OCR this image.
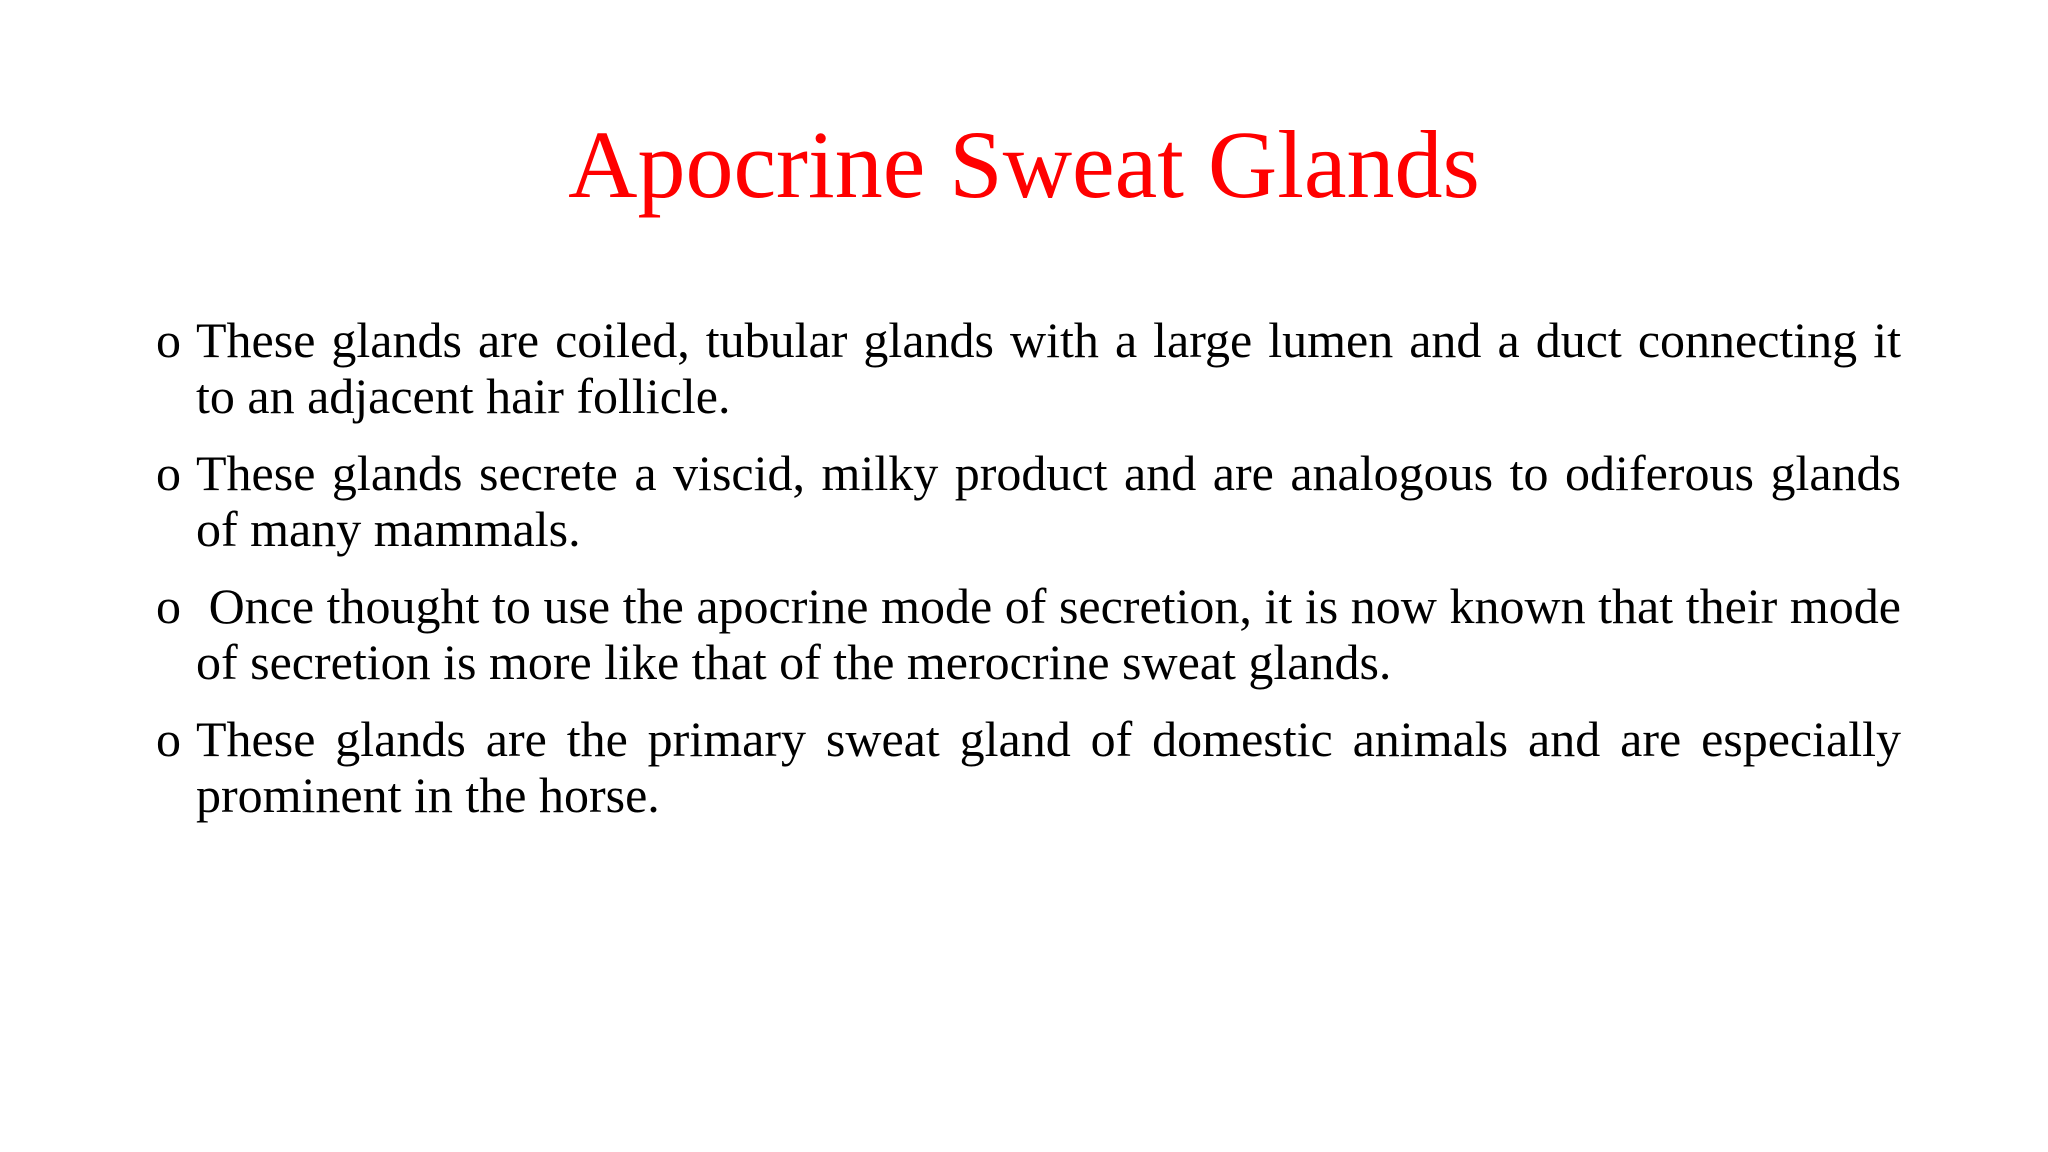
Apocrine Sweat Glands
o These glands are coiled, tubular glands with a large lumen and a duct connecting it to an adjacent hair follicle.
o These glands secrete a viscid, milky product and are analogous to odiferous glands of many mammals.
o Once thought to use the apocrine mode of secretion, it is now known that their mode of secretion is more like that of the merocrine sweat glands.
o These glands are the primary sweat gland of domestic animals and are especially prominent in the horse.
